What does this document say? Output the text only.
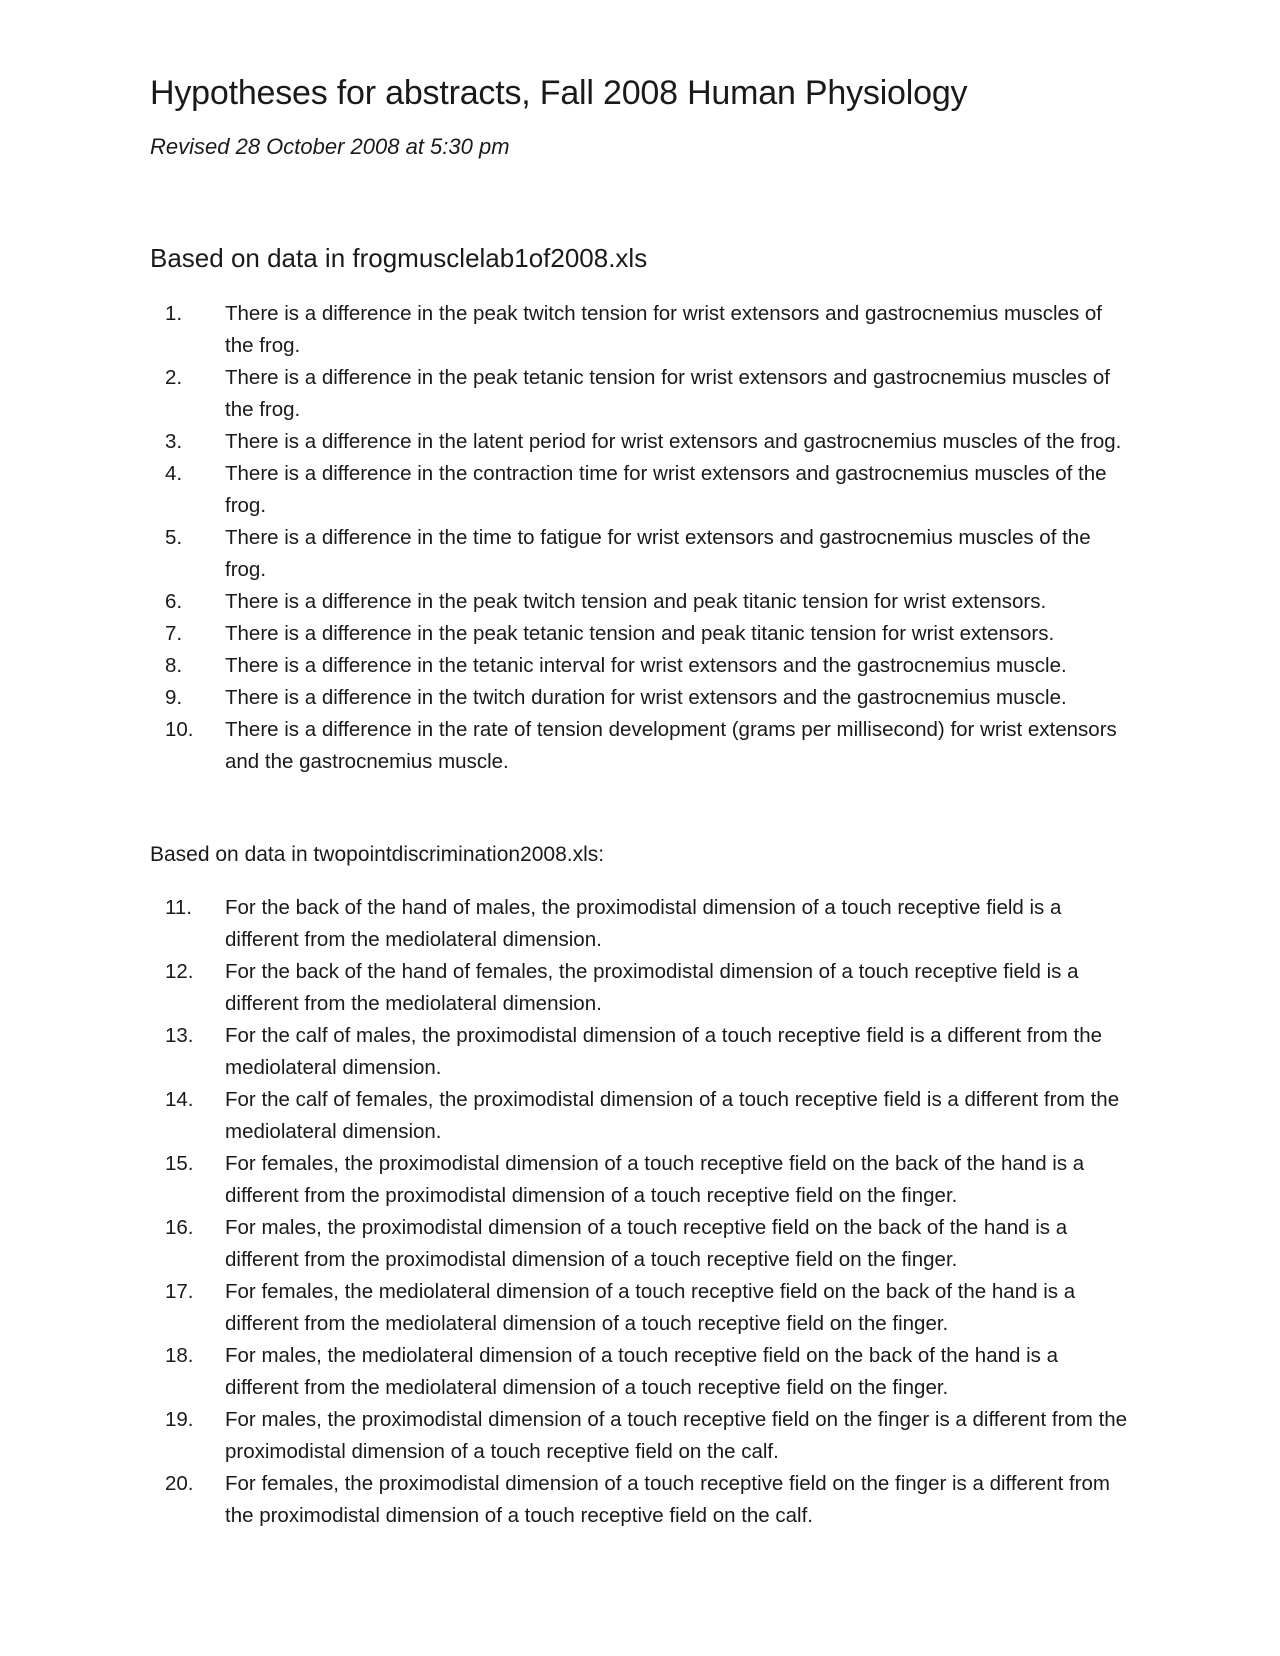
Hypotheses for abstracts, Fall 2008 Human Physiology

Revised 28 October 2008 at 5:30 pm

Based on data in frogmusclelab1of2008.xls
1.	There is a difference in the peak twitch tension for wrist extensors and gastrocnemius muscles of the frog.
2.	There is a difference in the peak tetanic tension for wrist extensors and gastrocnemius muscles of the frog.
3.	There is a difference in the latent period for wrist extensors and gastrocnemius muscles of the frog.
4.	There is a difference in the contraction time for wrist extensors and gastrocnemius muscles of the frog.
5.	There is a difference in the time to fatigue for wrist extensors and gastrocnemius muscles of the frog.
6.	There is a difference in the peak twitch tension and peak titanic tension for wrist extensors.
7.	There is a difference in the peak tetanic tension and peak titanic tension for wrist extensors.
8.	There is a difference in the tetanic interval for wrist extensors and the gastrocnemius muscle.
9.	There is a difference in the twitch duration for wrist extensors and the gastrocnemius muscle.
10.	There is a difference in the rate of tension development (grams per millisecond) for wrist extensors and the gastrocnemius muscle.
Based on data in twopointdiscrimination2008.xls:
11.	For the back of the hand of males, the proximodistal dimension of a touch receptive field is a different from the mediolateral dimension.
12.	For the back of the hand of females, the proximodistal dimension of a touch receptive field is a different from the mediolateral dimension.
13.	For the calf of males, the proximodistal dimension of a touch receptive field is a different from the mediolateral dimension.
14.	For the calf of females, the proximodistal dimension of a touch receptive field is a different from the mediolateral dimension.
15.	For females, the proximodistal dimension of a touch receptive field on the back of the hand is a different from the proximodistal dimension of a touch receptive field on the finger.
16.	For males, the proximodistal dimension of a touch receptive field on the back of the hand is a different from the proximodistal dimension of a touch receptive field on the finger.
17.	For females, the mediolateral dimension of a touch receptive field on the back of the hand is a different from the mediolateral dimension of a touch receptive field on the finger.
18.	For males, the mediolateral dimension of a touch receptive field on the back of the hand is a different from the mediolateral dimension of a touch receptive field on the finger.
19.	For males, the proximodistal dimension of a touch receptive field on the finger is a different from the proximodistal dimension of a touch receptive field on the calf.
20.	For females, the proximodistal dimension of a touch receptive field on the finger is a different from the proximodistal dimension of a touch receptive field on the calf.
